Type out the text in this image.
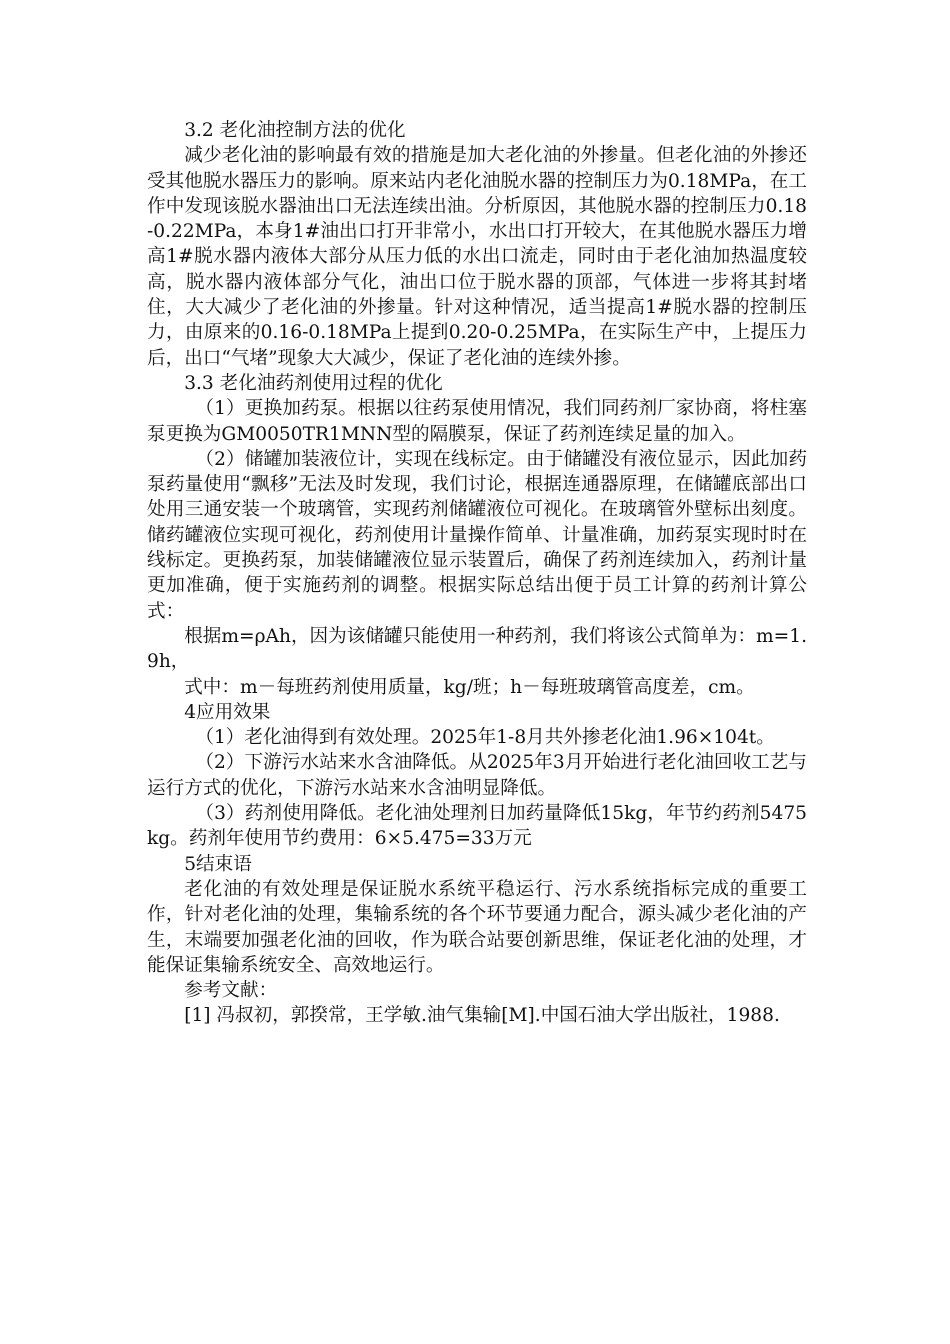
3.2 老化油控制方法的优化

减少老化油的影响最有效的措施是加大老化油的外掺量。但老化油的外掺还受其他脱水器压力的影响。原来站内老化油脱水器的控制压力为0.18MPa，在工作中发现该脱水器油出口无法连续出油。分析原因，其他脱水器的控制压力0.18-0.22MPa，本身1#油出口打开非常小，水出口打开较大，在其他脱水器压力增高1#脱水器内液体大部分从压力低的水出口流走，同时由于老化油加热温度较高，脱水器内液体部分气化，油出口位于脱水器的顶部，气体进一步将其封堵住，大大减少了老化油的外掺量。针对这种情况，适当提高1#脱水器的控制压力，由原来的0.16-0.18MPa上提到0.20-0.25MPa，在实际生产中，上提压力后，出口“气堵”现象大大减少，保证了老化油的连续外掺。

3.3 老化油药剂使用过程的优化

（1）更换加药泵。根据以往药泵使用情况，我们同药剂厂家协商，将柱塞泵更换为GM0050TR1MNN型的隔膜泵，保证了药剂连续足量的加入。

（2）储罐加装液位计，实现在线标定。由于储罐没有液位显示，因此加药泵药量使用“飘移”无法及时发现，我们讨论，根据连通器原理，在储罐底部出口处用三通安装一个玻璃管，实现药剂储罐液位可视化。在玻璃管外壁标出刻度。储药罐液位实现可视化，药剂使用计量操作简单、计量准确，加药泵实现时时在线标定。更换药泵，加装储罐液位显示装置后，确保了药剂连续加入，药剂计量更加准确，便于实施药剂的调整。根据实际总结出便于员工计算的药剂计算公式：

根据m=ρAh，因为该储罐只能使用一种药剂，我们将该公式简单为：m=1.9h，

式中：m－每班药剂使用质量，kg/班；h－每班玻璃管高度差，cm。

4应用效果

（1）老化油得到有效处理。2025年1-8月共外掺老化油1.96×104t。

（2）下游污水站来水含油降低。从2025年3月开始进行老化油回收工艺与运行方式的优化，下游污水站来水含油明显降低。

（3）药剂使用降低。老化油处理剂日加药量降低15kg，年节约药剂5475kg。药剂年使用节约费用：6×5.475=33万元

5结束语

老化油的有效处理是保证脱水系统平稳运行、污水系统指标完成的重要工作，针对老化油的处理，集输系统的各个环节要通力配合，源头减少老化油的产生，末端要加强老化油的回收，作为联合站要创新思维，保证老化油的处理，才能保证集输系统安全、高效地运行。

参考文献：

[1] 冯叔初，郭揆常，王学敏.油气集输[M].中国石油大学出版社，1988.
